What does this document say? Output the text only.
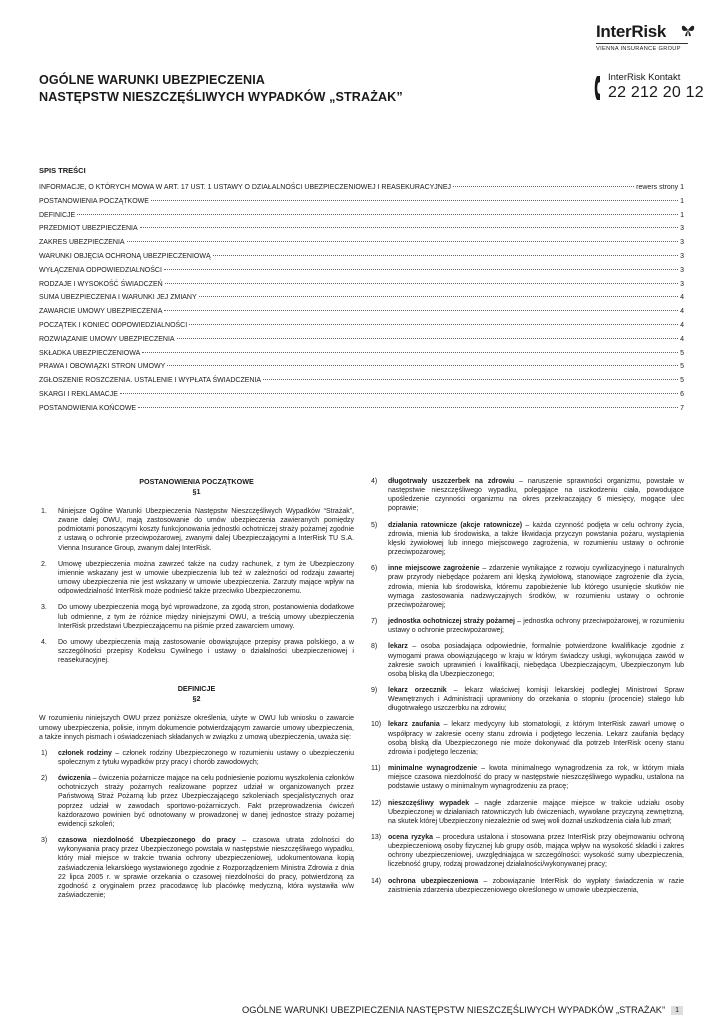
InterRisk
VIENNA INSURANCE GROUP
OGÓLNE WARUNKI UBEZPIECZENIA
NASTĘPSTW NIESZCZĘŚLIWYCH WYPADKÓW „STRAŻAK”
InterRisk Kontakt
22 212 20 12
SPIS TREŚCI
INFORMACJE, O KTÓRYCH MOWA W ART. 17 UST. 1 USTAWY O DZIAŁALNOŚCI UBEZPIECZENIOWEJ I REASEKURACYJNEJ	rewers strony 1
POSTANOWIENIA POCZĄTKOWE	1
DEFINICJE	1
PRZEDMIOT UBEZPIECZENIA	3
ZAKRES UBEZPIECZENIA	3
WARUNKI OBJĘCIA OCHRONĄ UBEZPIECZENIOWĄ	3
WYŁĄCZENIA ODPOWIEDZIALNOŚCI	3
RODZAJE I WYSOKOŚĆ ŚWIADCZEŃ	3
SUMA UBEZPIECZENIA I WARUNKI JEJ ZMIANY	4
ZAWARCIE UMOWY UBEZPIECZENIA	4
POCZĄTEK I KONIEC ODPOWIEDZIALNOŚCI	4
ROZWIĄZANIE UMOWY UBEZPIECZENIA	4
SKŁADKA UBEZPIECZENIOWA	5
PRAWA I OBOWIĄZKI STRON UMOWY	5
ZGŁOSZENIE ROSZCZENIA. USTALENIE I WYPŁATA ŚWIADCZENIA	5
SKARGI I REKLAMACJE	6
POSTANOWIENIA KOŃCOWE	7
POSTANOWIENIA POCZĄTKOWE
§1
1.	Niniejsze Ogólne Warunki Ubezpieczenia Następstw Nieszczęśliwych Wypadków “Strażak”, zwane dalej OWU, mają zastosowanie do umów ubezpieczenia zawieranych pomiędzy podmiotami ponoszącymi koszty funkcjonowania jednostki ochotniczej straży pożarnej zgodnie z ustawą o ochronie przeciwpożarowej, zwanymi dalej Ubezpieczającymi a InterRisk TU S.A. Vienna Insurance Group, zwanym dalej InterRisk.
2.	Umowę ubezpieczenia można zawrzeć także na cudzy rachunek, z tym że Ubezpieczony imiennie wskazany jest w umowie ubezpieczenia lub też w zależności od rodzaju zawartej umowy ubezpieczenia nie jest wskazany w umowie ubezpieczenia. Zarzuty mające wpływ na odpowiedzialność InterRisk może podnieść także przeciwko Ubezpieczonemu.
3.	Do umowy ubezpieczenia mogą być wprowadzone, za zgodą stron, postanowienia dodatkowe lub odmienne, z tym że różnice między niniejszymi OWU, a treścią umowy ubezpieczenia InterRisk przedstawi Ubezpieczającemu na piśmie przed zawarciem umowy.
4.	Do umowy ubezpieczenia mają zastosowanie obowiązujące przepisy prawa polskiego, a w szczególności przepisy Kodeksu Cywilnego i ustawy o działalności ubezpieczeniowej i reasekuracyjnej.
DEFINICJE
§2
W rozumieniu niniejszych OWU przez poniższe określenia, użyte w OWU lub wniosku o zawarcie umowy ubezpieczenia, polisie, innym dokumencie potwierdzającym zawarcie umowy ubezpieczenia, a także innych pismach i oświadczeniach składanych w związku z umową ubezpieczenia, uważa się:
1)	członek rodziny – członek rodziny Ubezpieczonego w rozumieniu ustawy o ubezpieczeniu społecznym z tytułu wypadków przy pracy i chorób zawodowych;
2)	ćwiczenia – ćwiczenia pożarnicze mające na celu podniesienie poziomu wyszkolenia członków ochotniczych straży pożarnych realizowane poprzez udział w organizowanych przez Państwową Straż Pożarną lub przez Ubezpieczającego szkoleniach specjalistycznych oraz poprzez udział w zawodach sportowo-pożarniczych. Fakt przeprowadzenia ćwiczeń każdorazowo powinien być odnotowany w prowadzonej w danej jednostce straży pożarnej ewidencji szkoleń;
3)	czasowa niezdolność Ubezpieczonego do pracy – czasowa utrata zdolności do wykonywania pracy przez Ubezpieczonego powstała w następstwie nieszczęśliwego wypadku, który miał miejsce w trakcie trwania ochrony ubezpieczeniowej, udokumentowana kopią zaświadczenia lekarskiego wystawionego zgodnie z Rozporządzeniem Ministra Zdrowia z dnia 22 lipca 2005 r. w sprawie orzekania o czasowej niezdolności do pracy, potwierdzoną za zgodność z oryginałem przez pracodawcę lub placówkę medyczną, która wystawiła w/w zaświadczenie;
4)	długotrwały uszczerbek na zdrowiu – naruszenie sprawności organizmu, powstałe w następstwie nieszczęśliwego wypadku, polegające na uszkodzeniu ciała, powodujące upośledzenie czynności organizmu na okres przekraczający 6 miesięcy, mogące ulec poprawie;
5)	działania ratownicze (akcje ratownicze) – każda czynność podjęta w celu ochrony życia, zdrowia, mienia lub środowiska, a także likwidacja przyczyn powstania pożaru, wystąpienia klęski żywiołowej lub innego miejscowego zagrożenia, w rozumieniu ustawy o ochronie przeciwpożarowej;
6)	inne miejscowe zagrożenie – zdarzenie wynikające z rozwoju cywilizacyjnego i naturalnych praw przyrody niebędące pożarem ani klęską żywiołową, stanowiące zagrożenie dla życia, zdrowia, mienia lub środowiska, któremu zapobieżenie lub którego usunięcie skutków nie wymaga zastosowania nadzwyczajnych środków, w rozumieniu ustawy o ochronie przeciwpożarowej;
7)	jednostka ochotniczej straży pożarnej – jednostka ochrony przeciwpożarowej, w rozumieniu ustawy o ochronie przeciwpożarowej;
8)	lekarz – osoba posiadająca odpowiednie, formalnie potwierdzone kwalifikacje zgodnie z wymogami prawa obowiązującego w kraju w którym świadczy usługi, wykonująca zawód w zakresie swoich uprawnień i kwalifikacji, niebędąca Ubezpieczającym, Ubezpieczonym lub osobą bliską dla Ubezpieczonego;
9)	lekarz orzecznik – lekarz właściwej komisji lekarskiej podległej Ministrowi Spraw Wewnętrznych i Administracji uprawniony do orzekania o stopniu (procencie) stałego lub długotrwałego uszczerbku na zdrowiu;
10) lekarz zaufania – lekarz medycyny lub stomatologii, z którym InterRisk zawarł umowę o współpracy w zakresie oceny stanu zdrowia i podjętego leczenia. Lekarz zaufania będący osobą bliską dla Ubezpieczonego nie może dokonywać dla potrzeb InterRisk oceny stanu zdrowia i podjętego leczenia;
11)	minimalne wynagrodzenie – kwota minimalnego wynagrodzenia za rok, w którym miała miejsce czasowa niezdolność do pracy w następstwie nieszczęśliwego wypadku, ustalona na podstawie ustawy o minimalnym wynagrodzeniu za pracę;
12) nieszczęśliwy wypadek – nagłe zdarzenie mające miejsce w trakcie udziału osoby Ubezpieczonej w działaniach ratowniczych lub ćwiczeniach, wywołane przyczyną zewnętrzną, na skutek której Ubezpieczony niezależnie od swej woli doznał uszkodzenia ciała lub zmarł;
13) ocena ryzyka – procedura ustalona i stosowana przez InterRisk przy obejmowaniu ochroną ubezpieczeniową osoby fizycznej lub grupy osób, mająca wpływ na wysokość składki i zakres ochrony ubezpieczeniowej, uwzględniająca w szczególności: wysokość sumy ubezpieczenia, liczebność grupy, rodzaj prowadzonej działalności/wykonywanej pracy;
14) ochrona ubezpieczeniowa – zobowiązanie InterRisk do wypłaty świadczenia w razie zaistnienia zdarzenia ubezpieczeniowego określonego w umowie ubezpieczenia,
OGÓLNE WARUNKI UBEZPIECZENIA NASTĘPSTW NIESZCZĘŚLIWYCH WYPADKÓW „STRAŻAK” 1
